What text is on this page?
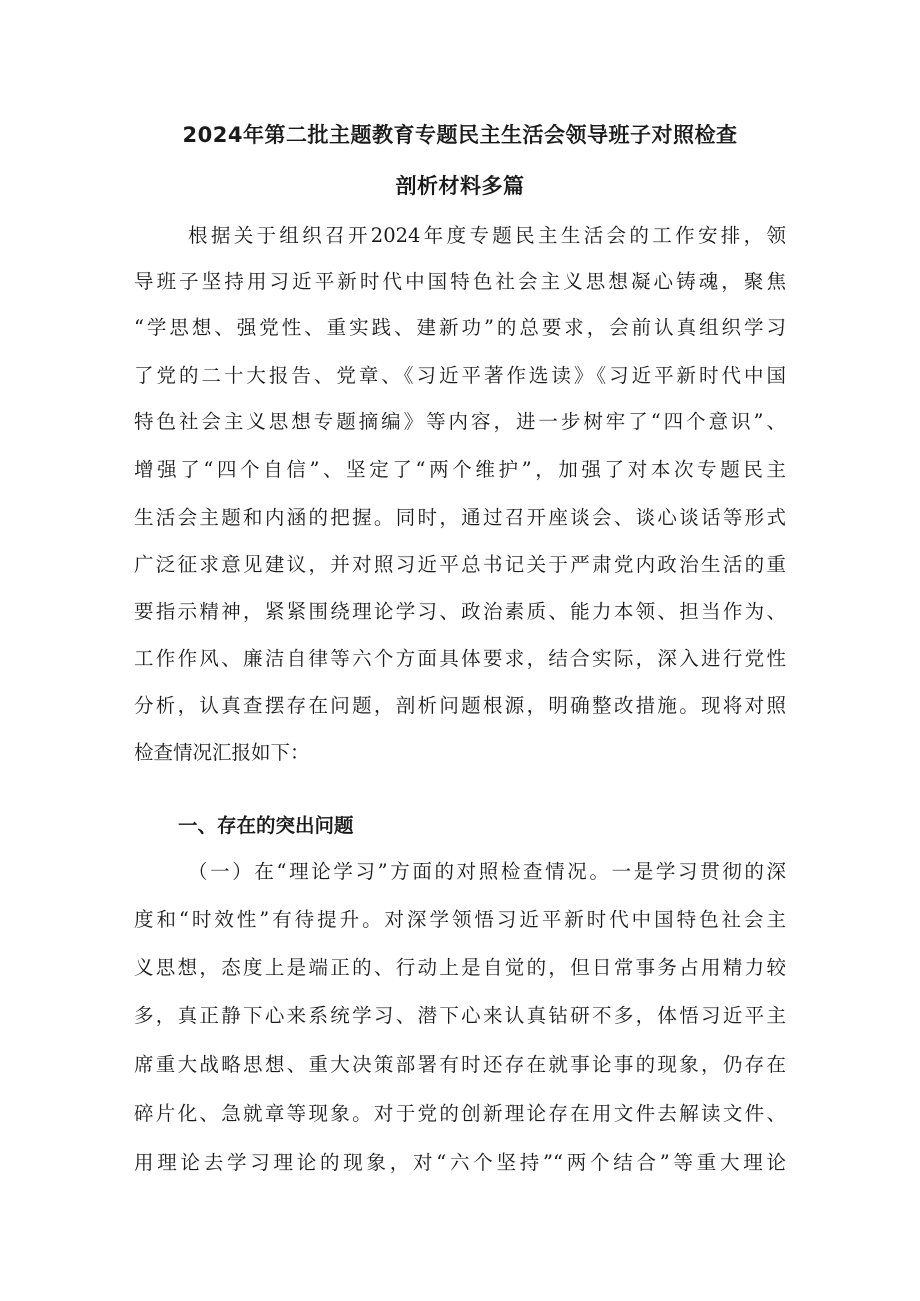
2024年第二批主题教育专题民主生活会领导班子对照检查
剖析材料多篇

根据关于组织召开2024年度专题民主生活会的工作安排，领

导班子坚持用习近平新时代中国特色社会主义思想凝心铸魂，聚焦

“学思想、强党性、重实践、建新功”的总要求，会前认真组织学习

了党的二十大报告、党章、《习近平著作选读》《习近平新时代中国

特色社会主义思想专题摘编》等内容，进一步树牢了“四个意识”、

增强了“四个自信”、坚定了“两个维护”，加强了对本次专题民主

生活会主题和内涵的把握。同时，通过召开座谈会、谈心谈话等形式

广泛征求意见建议，并对照习近平总书记关于严肃党内政治生活的重

要指示精神，紧紧围绕理论学习、政治素质、能力本领、担当作为、

工作作风、廉洁自律等六个方面具体要求，结合实际，深入进行党性

分析，认真查摆存在问题，剖析问题根源，明确整改措施。现将对照

检查情况汇报如下：

一、存在的突出问题

（一）在“理论学习”方面的对照检查情况。一是学习贯彻的深

度和“时效性”有待提升。对深学领悟习近平新时代中国特色社会主

义思想，态度上是端正的、行动上是自觉的，但日常事务占用精力较

多，真正静下心来系统学习、潜下心来认真钻研不多，体悟习近平主

席重大战略思想、重大决策部署有时还存在就事论事的现象，仍存在

碎片化、急就章等现象。对于党的创新理论存在用文件去解读文件、

用理论去学习理论的现象，对“六个坚持”“两个结合”等重大理论
